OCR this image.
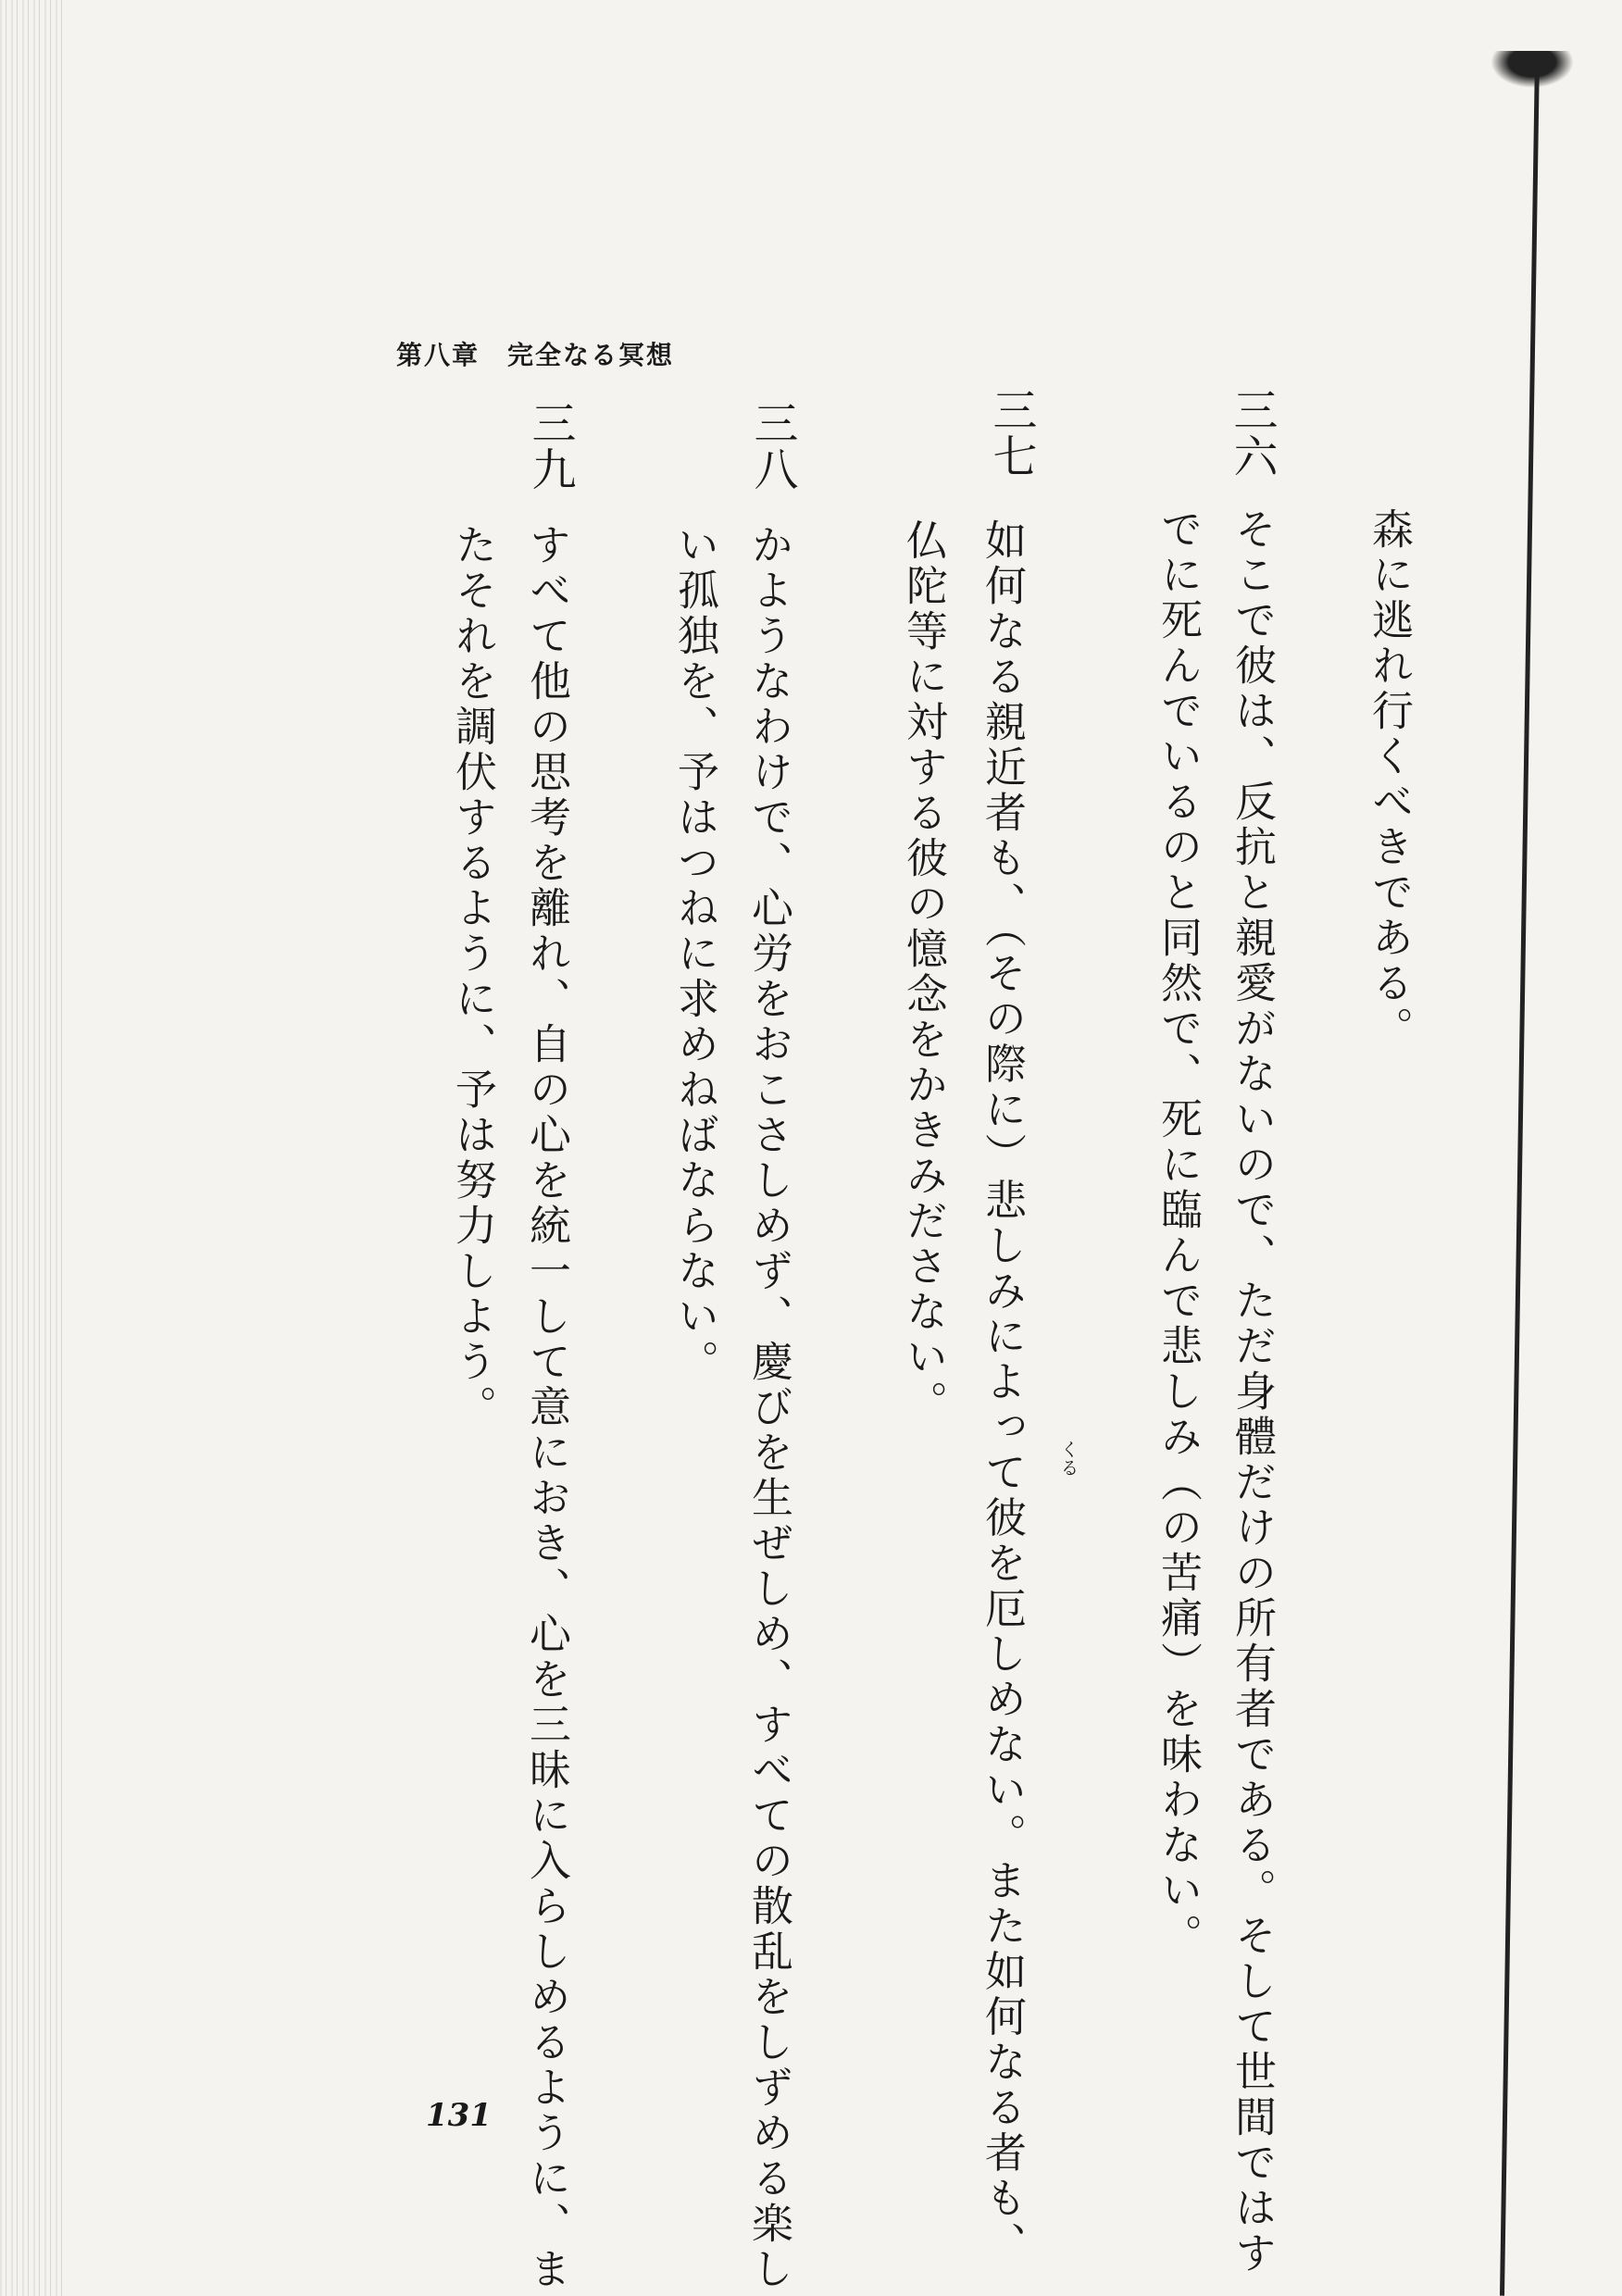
第八章　完全なる冥想
三六
三七
三八
三九
森に逃れ行くべきである。
そこで彼は、反抗と親愛がないので、ただ身體だけの所有者である。そして世間ではす
でに死んでいるのと同然で、死に臨んで悲しみ（の苦痛）を味わない。
如何なる親近者も、（その際に）悲しみによって彼を厄しめない。また如何なる者も、
仏陀等に対する彼の憶念をかきみださない。
かようなわけで、心労をおこさしめず、慶びを生ぜしめ、すべての散乱をしずめる楽し
い孤独を、予はつねに求めねばならない。
すべて他の思考を離れ、自の心を統一して意におき、心を三昧に入らしめるように、ま
たそれを調伏するように、予は努力しよう。
くる
131
